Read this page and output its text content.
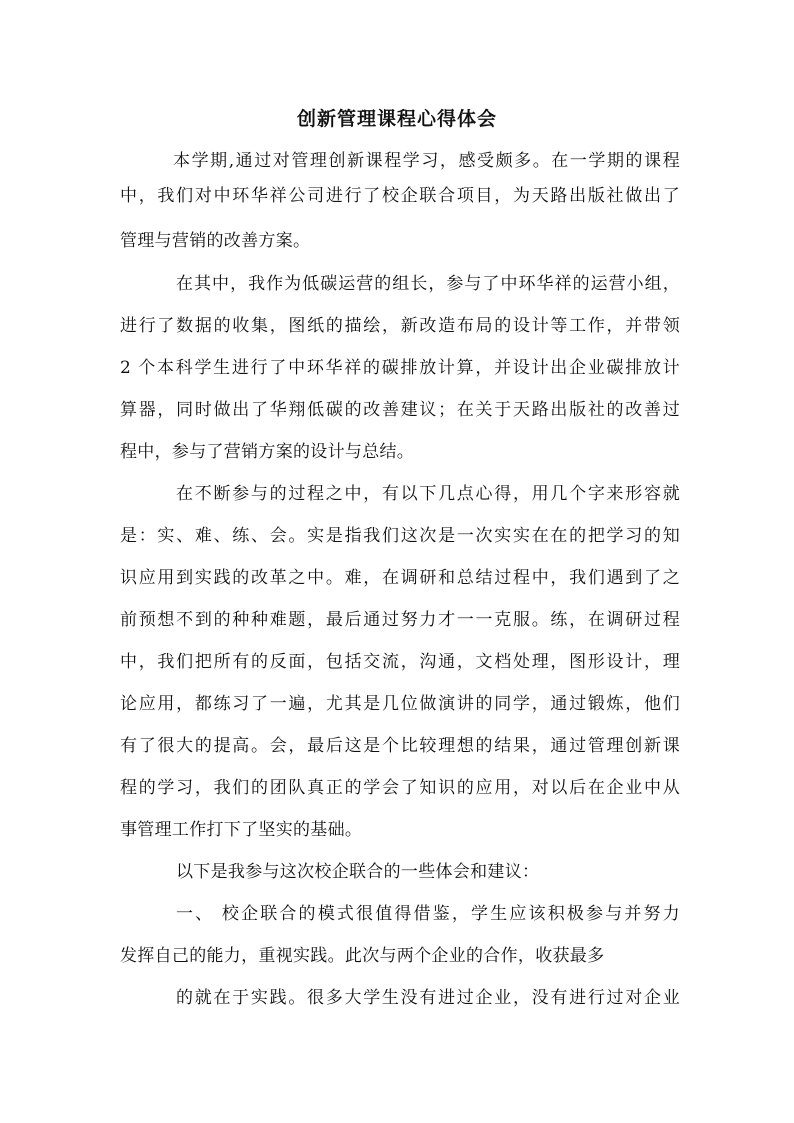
创新管理课程心得体会
本学期,通过对管理创新课程学习，感受颇多。在一学期的课程
中，我们对中环华祥公司进行了校企联合项目，为天路出版社做出了
管理与营销的改善方案。
在其中，我作为低碳运营的组长，参与了中环华祥的运营小组，
进行了数据的收集，图纸的描绘，新改造布局的设计等工作，并带领
2 个本科学生进行了中环华祥的碳排放计算，并设计出企业碳排放计
算器，同时做出了华翔低碳的改善建议；在关于天路出版社的改善过
程中，参与了营销方案的设计与总结。
在不断参与的过程之中，有以下几点心得，用几个字来形容就
是：实、难、练、会。实是指我们这次是一次实实在在的把学习的知
识应用到实践的改革之中。难，在调研和总结过程中，我们遇到了之
前预想不到的种种难题，最后通过努力才一一克服。练，在调研过程
中，我们把所有的反面，包括交流，沟通，文档处理，图形设计，理
论应用，都练习了一遍，尤其是几位做演讲的同学，通过锻炼，他们
有了很大的提高。会，最后这是个比较理想的结果，通过管理创新课
程的学习，我们的团队真正的学会了知识的应用，对以后在企业中从
事管理工作打下了坚实的基础。
以下是我参与这次校企联合的一些体会和建议：
一、 校企联合的模式很值得借鉴，学生应该积极参与并努力
发挥自己的能力，重视实践。此次与两个企业的合作，收获最多
的就在于实践。很多大学生没有进过企业，没有进行过对企业
